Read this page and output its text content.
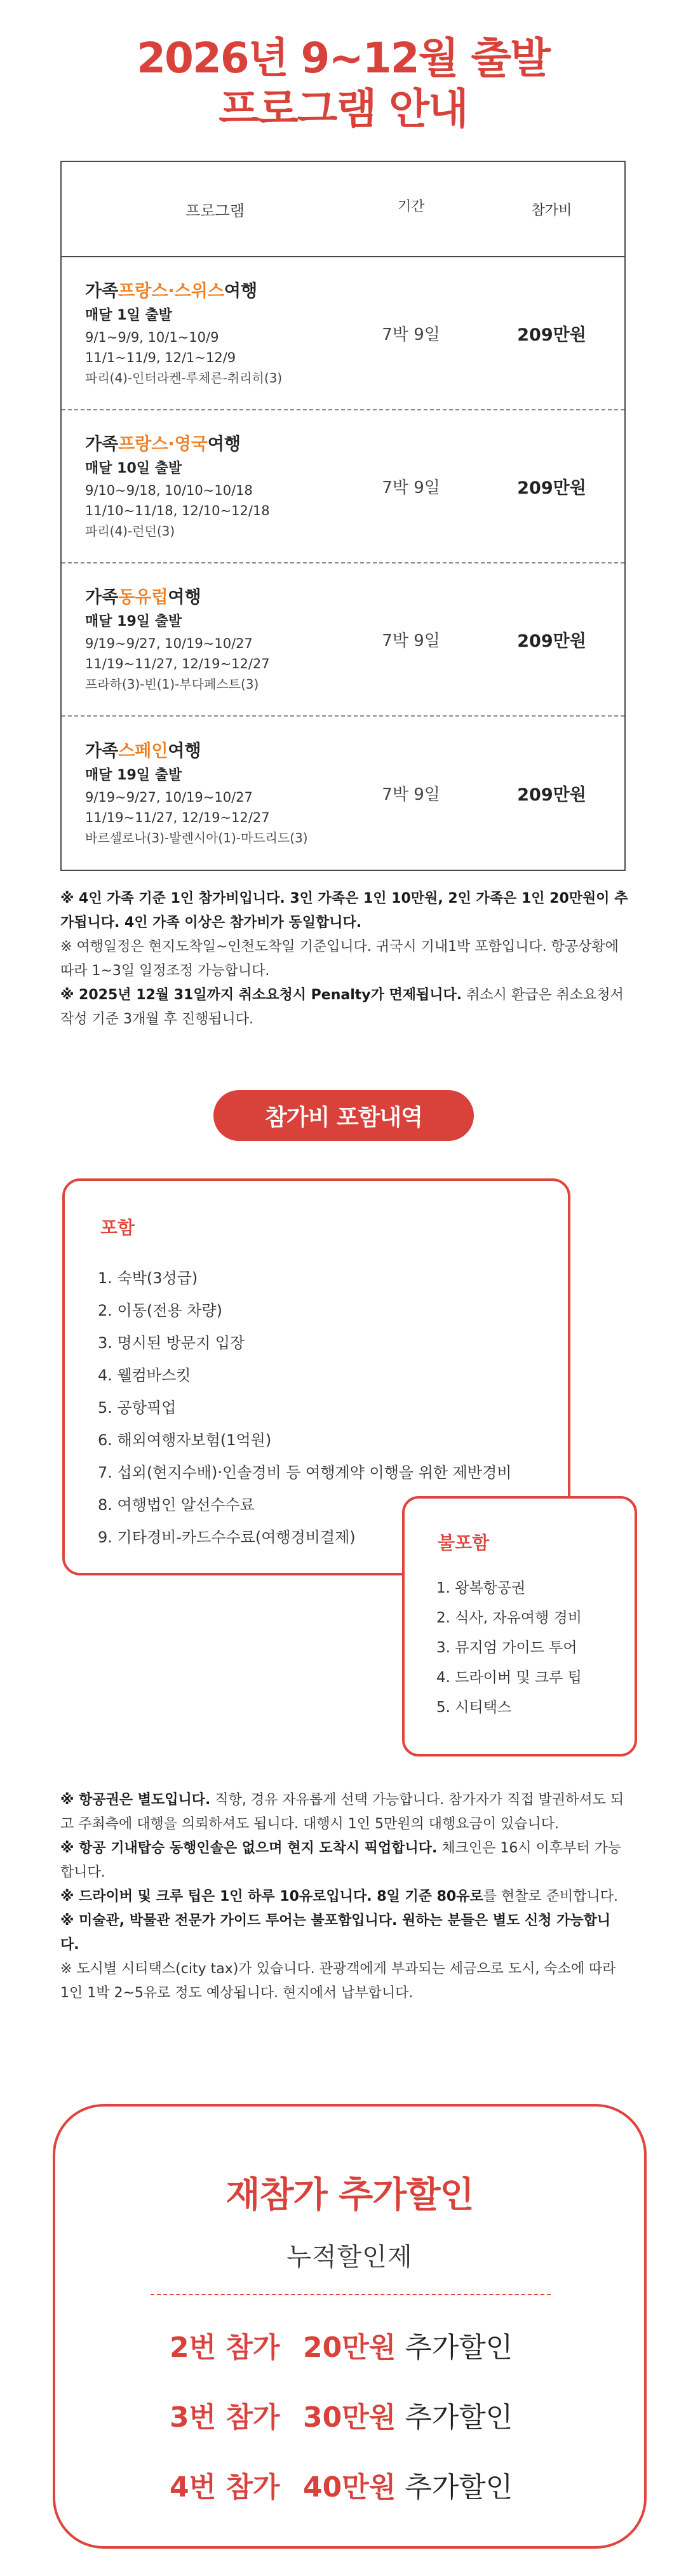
2026년 9~12월 출발
프로그램 안내
프로그램	기간	참가비
가족프랑스·스위스여행
매달 1일 출발
9/1~9/9, 10/1~10/9
11/1~11/9, 12/1~12/9
파리(4)-인터라켄-루체른-취리히(3)
7박 9일	209만원
가족프랑스·영국여행
매달 10일 출발
9/10~9/18, 10/10~10/18
11/10~11/18, 12/10~12/18
파리(4)-런던(3)
7박 9일	209만원
가족동유럽여행
매달 19일 출발
9/19~9/27, 10/19~10/27
11/19~11/27, 12/19~12/27
프라하(3)-빈(1)-부다페스트(3)
7박 9일	209만원
가족스페인여행
매달 19일 출발
9/19~9/27, 10/19~10/27
11/19~11/27, 12/19~12/27
바르셀로나(3)-발렌시아(1)-마드리드(3)
7박 9일	209만원

※ 4인 가족 기준 1인 참가비입니다. 3인 가족은 1인 10만원, 2인 가족은 1인 20만원이 추가됩니다. 4인 가족 이상은 참가비가 동일합니다.

※ 여행일정은 현지도착일~인천도착일 기준입니다. 귀국시 기내1박 포함입니다. 항공상황에 따라 1~3일 일정조정 가능합니다.

※ 2025년 12월 31일까지 취소요청시 Penalty가 면제됩니다. 취소시 환급은 취소요청서 작성 기준 3개월 후 진행됩니다.

참가비 포함내역
포함
1. 숙박(3성급)
2. 이동(전용 차량)
3. 명시된 방문지 입장
4. 웰컴바스킷
5. 공항픽업
6. 해외여행자보험(1억원)
7. 섭외(현지수배)·인솔경비 등 여행계약 이행을 위한 제반경비
8. 여행법인 알선수수료
9. 기타경비-카드수수료(여행경비결제)	불포함
1. 왕복항공권
2. 식사, 자유여행 경비
3. 뮤지엄 가이드 투어
4. 드라이버 및 크루 팁
5. 시티택스

※ 항공권은 별도입니다. 직항, 경유 자유롭게 선택 가능합니다. 참가자가 직접 발권하셔도 되고 주최측에 대행을 의뢰하셔도 됩니다. 대행시 1인 5만원의 대행요금이 있습니다.

※ 항공 기내탑승 동행인솔은 없으며 현지 도착시 픽업합니다. 체크인은 16시 이후부터 가능합니다.

※ 드라이버 및 크루 팁은 1인 하루 10유로입니다. 8일 기준 80유로를 현찰로 준비합니다.

※ 미술관, 박물관 전문가 가이드 투어는 불포함입니다. 원하는 분들은 별도 신청 가능합니다.

※ 도시별 시티택스(city tax)가 있습니다. 관광객에게 부과되는 세금으로 도시, 숙소에 따라 1인 1박 2~5유로 정도 예상됩니다. 현지에서 납부합니다.

재참가 추가할인
누적할인제
2번 참가 20만원 추가할인
3번 참가 30만원 추가할인
4번 참가 40만원 추가할인
